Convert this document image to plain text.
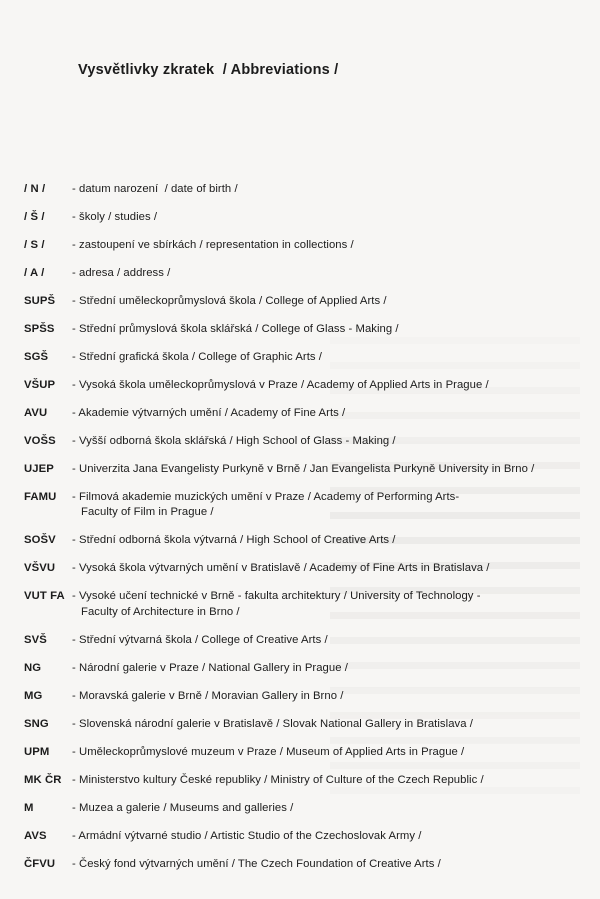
Vysvětlivky zkratek  / Abbreviations /
/ N /	- datum narození  / date of birth /
/ Š /	- školy / studies /
/ S /	- zastoupení ve sbírkách / representation in collections /
/ A /	- adresa / address /
SUPŠ	- Střední uměleckoprůmyslová škola / College of Applied Arts /
SPŠS	- Střední průmyslová škola sklářská / College of Glass - Making /
SGŠ	- Střední grafická škola / College of Graphic Arts /
VŠUP	- Vysoká škola uměleckoprůmyslová v Praze / Academy of Applied Arts in Prague /
AVU	- Akademie výtvarných umění / Academy of Fine Arts /
VOŠS	- Vyšší odborná škola sklářská / High School of Glass - Making /
UJEP	- Univerzita Jana Evangelisty Purkyně v Brně / Jan Evangelista Purkyně University in Brno /
FAMU	- Filmová akademie muzických umění v Praze / Academy of Performing Arts-
Faculty of Film in Prague /
SOŠV	- Střední odborná škola výtvarná / High School of Creative Arts /
VŠVU	- Vysoká škola výtvarných umění v Bratislavě / Academy of Fine Arts in Bratislava /
VUT FA - Vysoké učení technické v Brně - fakulta architektury / University of Technology -
Faculty of Architecture in Brno /
SVŠ	- Střední výtvarná škola / College of Creative Arts /
NG	- Národní galerie v Praze / National Gallery in Prague /
MG	- Moravská galerie v Brně / Moravian Gallery in Brno /
SNG	- Slovenská národní galerie v Bratislavě / Slovak National Gallery in Bratislava /
UPM	- Uměleckoprůmyslové muzeum v Praze / Museum of Applied Arts in Prague /
MK ČR - Ministerstvo kultury České republiky / Ministry of Culture of the Czech Republic /
M	- Muzea a galerie / Museums and galleries /
AVS	- Armádní výtvarné studio / Artistic Studio of the Czechoslovak Army /
ČFVU	- Český fond výtvarných umění / The Czech Foundation of Creative Arts /
